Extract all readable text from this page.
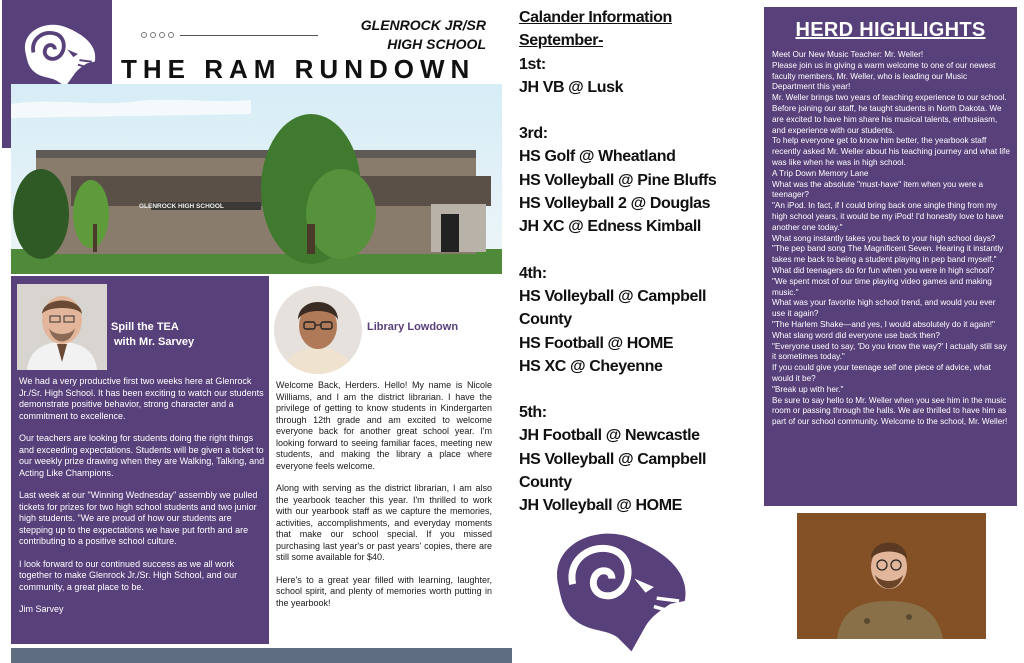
GLENROCK JR/SR
HIGH SCHOOL
THE RAM RUNDOWN
GLENROCK HIGH SCHOOL
Spill the TEA
with Mr. Sarvey

We had a very productive first two weeks here at Glenrock Jr./Sr. High School. It has been exciting to watch our students demonstrate positive behavior, strong character and a commitment to excellence.

Our teachers are looking for students doing the right things and exceeding expectations. Students will be given a ticket to our weekly prize drawing when they are Walking, Talking, and Acting Like Champions.

Last week at our "Winning Wednesday" assembly we pulled tickets for prizes for two high school students and two junior high students. "We are proud of how our students are stepping up to the expectations we have put forth and are contributing to a positive school culture.

I look forward to our continued success as we all work together to make Glenrock Jr./Sr. High School, and our community, a great place to be.

Jim Sarvey

Library Lowdown

Welcome Back, Herders. Hello! My name is Nicole Williams, and I am the district librarian. I have the privilege of getting to know students in Kindergarten through 12th grade and am excited to welcome everyone back for another great school year. I'm looking forward to seeing familiar faces, meeting new students, and making the library a place where everyone feels welcome.

Along with serving as the district librarian, I am also the yearbook teacher this year. I'm thrilled to work with our yearbook staff as we capture the memories, activities, accomplishments, and everyday moments that make our school special. If you missed purchasing last year's or past years' copies, there are still some available for $40.

Here's to a great year filled with learning, laughter, school spirit, and plenty of memories worth putting in the yearbook!

Calander Information
September-
1st:
JH VB @ Lusk
3rd:
HS Golf @ Wheatland
HS Volleyball @ Pine Bluffs
HS Volleyball 2 @ Douglas
JH XC @ Edness Kimball
4th:
HS Volleyball @ Campbell County
HS Football @ HOME
HS XC @ Cheyenne
5th:
JH Football @ Newcastle
HS Volleyball @ Campbell County
JH Volleyball @ HOME
HERD HIGHLIGHTS
Meet Our New Music Teacher: Mr. Weller!
Please join us in giving a warm welcome to one of our newest faculty members, Mr. Weller, who is leading our Music Department this year!
Mr. Weller brings two years of teaching experience to our school. Before joining our staff, he taught students in North Dakota. We are excited to have him share his musical talents, enthusiasm, and experience with our students.
To help everyone get to know him better, the yearbook staff recently asked Mr. Weller about his teaching journey and what life was like when he was in high school.
A Trip Down Memory Lane
What was the absolute "must-have" item when you were a teenager?
"An iPod. In fact, if I could bring back one single thing from my high school years, it would be my iPod! I'd honestly love to have another one today."
What song instantly takes you back to your high school days?
"The pep band song The Magnificent Seven. Hearing it instantly takes me back to being a student playing in pep band myself."
What did teenagers do for fun when you were in high school?
"We spent most of our time playing video games and making music."
What was your favorite high school trend, and would you ever use it again?
"The Harlem Shake—and yes, I would absolutely do it again!"
What slang word did everyone use back then?
"Everyone used to say, 'Do you know the way?' I actually still say it sometimes today."
If you could give your teenage self one piece of advice, what would it be?
"Break up with her."
Be sure to say hello to Mr. Weller when you see him in the music room or passing through the halls. We are thrilled to have him as part of our school community. Welcome to the school, Mr. Weller!
